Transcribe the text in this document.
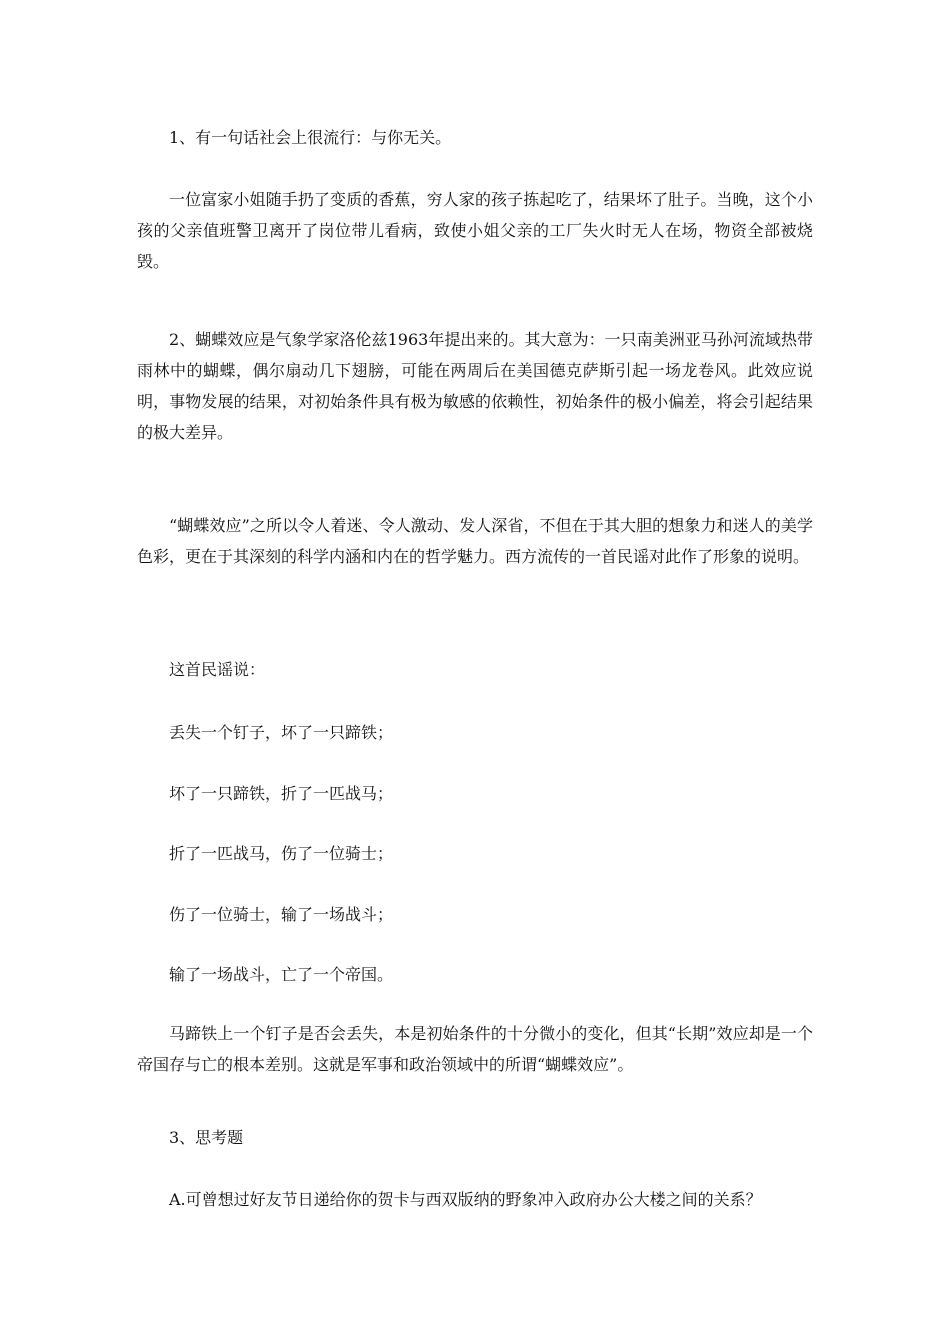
1、有一句话社会上很流行：与你无关。

一位富家小姐随手扔了变质的香蕉，穷人家的孩子拣起吃了，结果坏了肚子。当晚，这个小孩的父亲值班警卫离开了岗位带儿看病，致使小姐父亲的工厂失火时无人在场，物资全部被烧毁。

2、蝴蝶效应是气象学家洛伦兹1963年提出来的。其大意为：一只南美洲亚马孙河流域热带雨林中的蝴蝶，偶尔扇动几下翅膀，可能在两周后在美国德克萨斯引起一场龙卷风。此效应说明，事物发展的结果，对初始条件具有极为敏感的依赖性，初始条件的极小偏差，将会引起结果的极大差异。

“蝴蝶效应”之所以令人着迷、令人激动、发人深省，不但在于其大胆的想象力和迷人的美学色彩，更在于其深刻的科学内涵和内在的哲学魅力。西方流传的一首民谣对此作了形象的说明。

这首民谣说：

丢失一个钉子，坏了一只蹄铁；

坏了一只蹄铁，折了一匹战马；

折了一匹战马，伤了一位骑士；

伤了一位骑士，输了一场战斗；

输了一场战斗，亡了一个帝国。

马蹄铁上一个钉子是否会丢失，本是初始条件的十分微小的变化，但其“长期”效应却是一个帝国存与亡的根本差别。这就是军事和政治领域中的所谓“蝴蝶效应”。

3、思考题

A.可曾想过好友节日递给你的贺卡与西双版纳的野象冲入政府办公大楼之间的关系？
